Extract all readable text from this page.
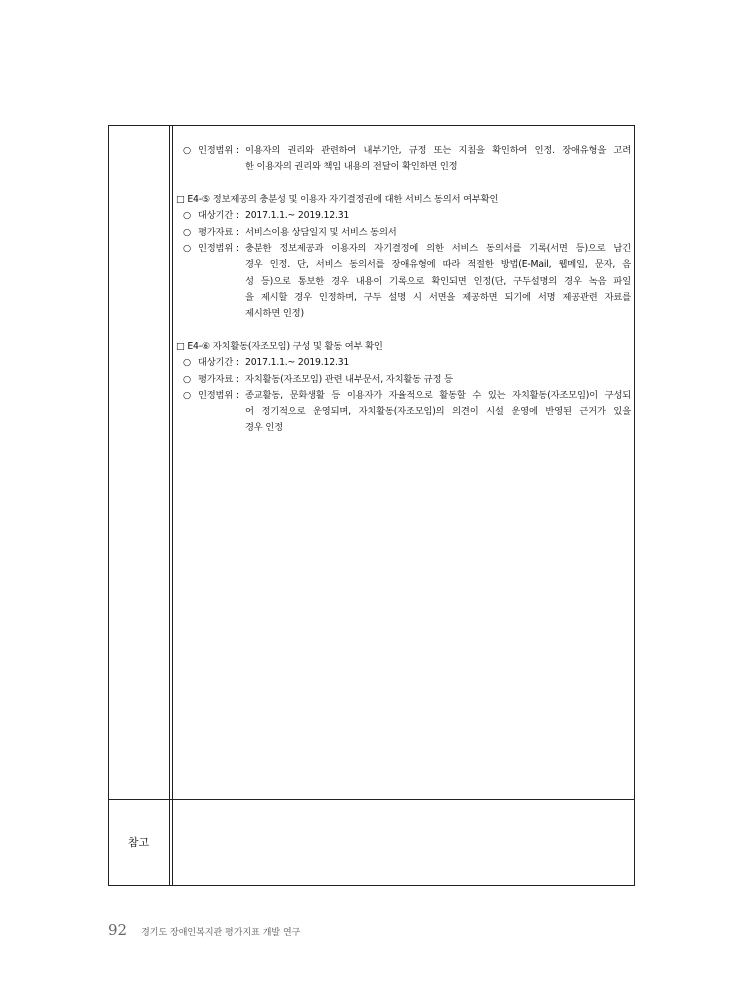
참고
○ 인정범위 : 이용자의 권리와 관련하여 내부기안, 규정 또는 지침을 확인하여 인정. 장애유형을 고려
한 이용자의 권리와 책임 내용의 전달이 확인하면 인정
□ E4-⑤ 정보제공의 충분성 및 이용자 자기결정권에 대한 서비스 동의서 여부확인
○ 대상기간 : 2017.1.1.~ 2019.12.31
○ 평가자료 : 서비스이용 상담일지 및 서비스 동의서
○ 인정범위 : 충분한 정보제공과 이용자의 자기결정에 의한 서비스 동의서를 기록(서면 등)으로 남긴
경우 인정. 단, 서비스 동의서를 장애유형에 따라 적절한 방법(E-Mail, 웹메일, 문자, 음
성 등)으로 통보한 경우 내용이 기록으로 확인되면 인정(단, 구두설명의 경우 녹음 파일
을 제시할 경우 인정하며, 구두 설명 시 서면을 제공하면 되기에 서명 제공관련 자료를
제시하면 인정)
□ E4-⑥ 자치활동(자조모임) 구성 및 활동 여부 확인
○ 대상기간 : 2017.1.1.~ 2019.12.31
○ 평가자료 : 자치활동(자조모임) 관련 내부문서, 자치활동 규정 등
○ 인정범위 : 종교활동, 문화생활 등 이용자가 자율적으로 활동할 수 있는 자치활동(자조모임)이 구성되
어 정기적으로 운영되며, 자치활동(자조모임)의 의견이 시설 운영에 반영된 근거가 있을
경우 인정
92 경기도 장애인복지관 평가지표 개발 연구
